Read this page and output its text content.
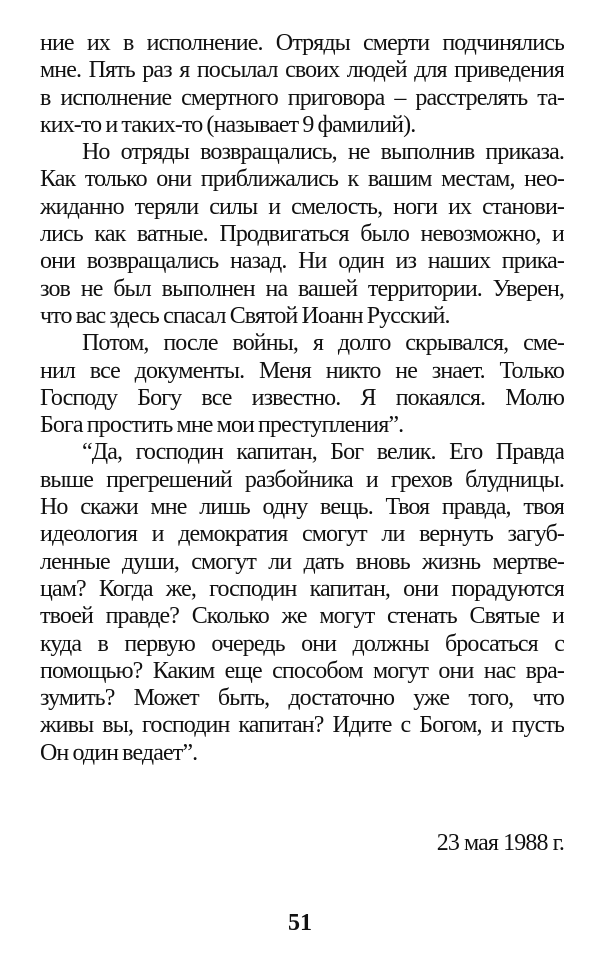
ние их в исполнение. Отряды смерти подчинялись
мне. Пять раз я посылал своих людей для приведения
в исполнение смертного приговора – расстрелять та-
ких-то и таких-то (называет 9 фамилий).
Но отряды возвращались, не выполнив приказа.
Как только они приближались к вашим местам, нео-
жиданно теряли силы и смелость, ноги их станови-
лись как ватные. Продвигаться было невозможно, и
они возвращались назад. Ни один из наших прика-
зов не был выполнен на вашей территории. Уверен,
что вас здесь спасал Святой Иоанн Русский.
Потом, после войны, я долго скрывался, сме-
нил все документы. Меня никто не знает. Только
Господу Богу все известно. Я покаялся. Молю
Бога простить мне мои преступления”.
“Да, господин капитан, Бог велик. Его Правда
выше прегрешений разбойника и грехов блудницы.
Но скажи мне лишь одну вещь. Твоя правда, твоя
идеология и демократия смогут ли вернуть загуб-
ленные души, смогут ли дать вновь жизнь мертве-
цам? Когда же, господин капитан, они порадуются
твоей правде? Сколько же могут стенать Святые и
куда в первую очередь они должны бросаться с
помощью? Каким еще способом могут они нас вра-
зумить? Может быть, достаточно уже того, что
живы вы, господин капитан? Идите с Богом, и пусть
Он один ведает”.
23 мая 1988 г.
51
